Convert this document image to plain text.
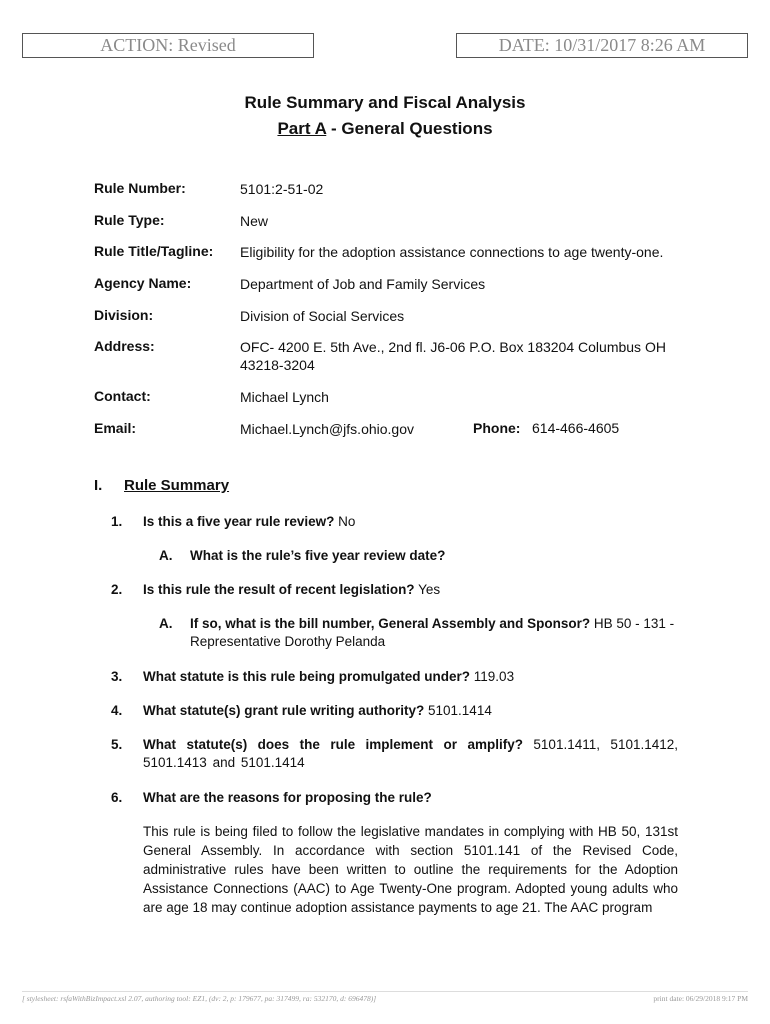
ACTION: Revised	DATE: 10/31/2017 8:26 AM
Rule Summary and Fiscal Analysis
Part A - General Questions
Rule Number:	5101:2-51-02
Rule Type:	New
Rule Title/Tagline: Eligibility for the adoption assistance connections to age twenty-one.
Agency Name:	Department of Job and Family Services
Division:	Division of Social Services
Address:	OFC- 4200 E. 5th Ave., 2nd fl. J6-06 P.O. Box 183204 Columbus OH 43218-3204
Contact:	Michael Lynch
Email:	Michael.Lynch@jfs.ohio.gov	Phone: 614-466-4605
I. Rule Summary
1. Is this a five year rule review? No
A. What is the rule’s five year review date?
2. Is this rule the result of recent legislation? Yes
A. If so, what is the bill number, General Assembly and Sponsor? HB 50 - 131 - Representative Dorothy Pelanda
3. What statute is this rule being promulgated under? 119.03
4. What statute(s) grant rule writing authority? 5101.1414
5. What statute(s) does the rule implement or amplify? 5101.1411, 5101.1412, 5101.1413 and 5101.1414
6. What are the reasons for proposing the rule?
This rule is being filed to follow the legislative mandates in complying with HB 50, 131st General Assembly. In accordance with section 5101.141 of the Revised Code, administrative rules have been written to outline the requirements for the Adoption Assistance Connections (AAC) to Age Twenty-One program. Adopted young adults who are age 18 may continue adoption assistance payments to age 21. The AAC program
[ stylesheet: rsfaWithBizImpact.xsl 2.07, authoring tool: EZ1, (dv: 2, p: 179677, pa: 317499, ra: 532170, d: 696478)]	print date: 06/29/2018 9:17 PM
